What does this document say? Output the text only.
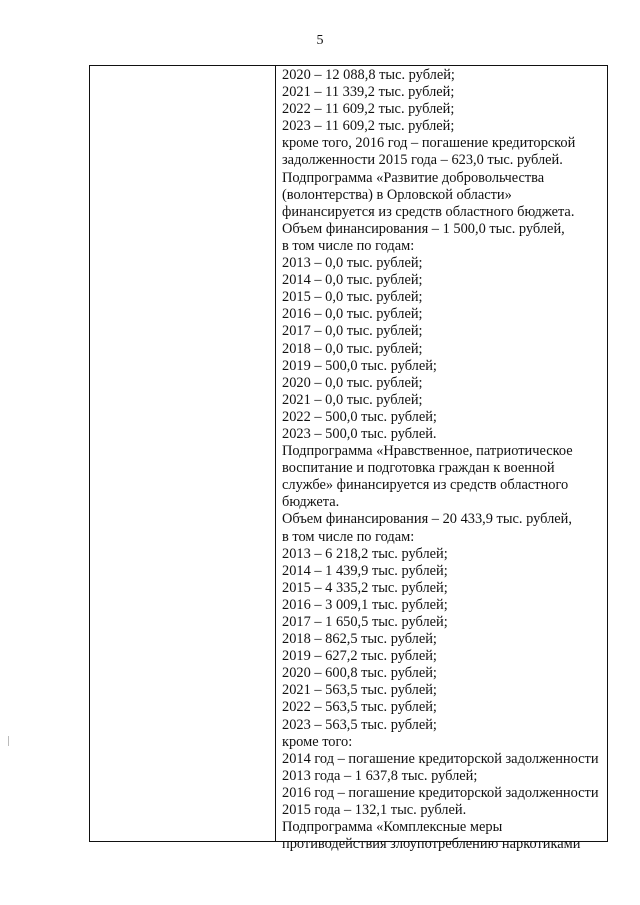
5
2020 – 12 088,8 тыс. рублей;
2021 – 11 339,2 тыс. рублей;
2022 – 11 609,2 тыс. рублей;
2023 – 11 609,2 тыс. рублей;
кроме того, 2016 год – погашение кредиторской
задолженности 2015 года – 623,0 тыс. рублей.
Подпрограмма «Развитие добровольчества
(волонтерства) в Орловской области»
финансируется из средств областного бюджета.
Объем финансирования – 1 500,0 тыс. рублей,
в том числе по годам:
2013 – 0,0 тыс. рублей;
2014 – 0,0 тыс. рублей;
2015 – 0,0 тыс. рублей;
2016 – 0,0 тыс. рублей;
2017 – 0,0 тыс. рублей;
2018 – 0,0 тыс. рублей;
2019 – 500,0 тыс. рублей;
2020 – 0,0 тыс. рублей;
2021 – 0,0 тыс. рублей;
2022 – 500,0 тыс. рублей;
2023 – 500,0 тыс. рублей.
Подпрограмма «Нравственное, патриотическое
воспитание и подготовка граждан к военной
службе» финансируется из средств областного
бюджета.
Объем финансирования – 20 433,9 тыс. рублей,
в том числе по годам:
2013 – 6 218,2 тыс. рублей;
2014 – 1 439,9 тыс. рублей;
2015 – 4 335,2 тыс. рублей;
2016 – 3 009,1 тыс. рублей;
2017 – 1 650,5 тыс. рублей;
2018 – 862,5 тыс. рублей;
2019 – 627,2 тыс. рублей;
2020 – 600,8 тыс. рублей;
2021 – 563,5 тыс. рублей;
2022 – 563,5 тыс. рублей;
2023 – 563,5 тыс. рублей;
кроме того:
2014 год – погашение кредиторской задолженности
2013 года – 1 637,8 тыс. рублей;
2016 год – погашение кредиторской задолженности
2015 года – 132,1 тыс. рублей.
Подпрограмма «Комплексные меры
противодействия злоупотреблению наркотиками
